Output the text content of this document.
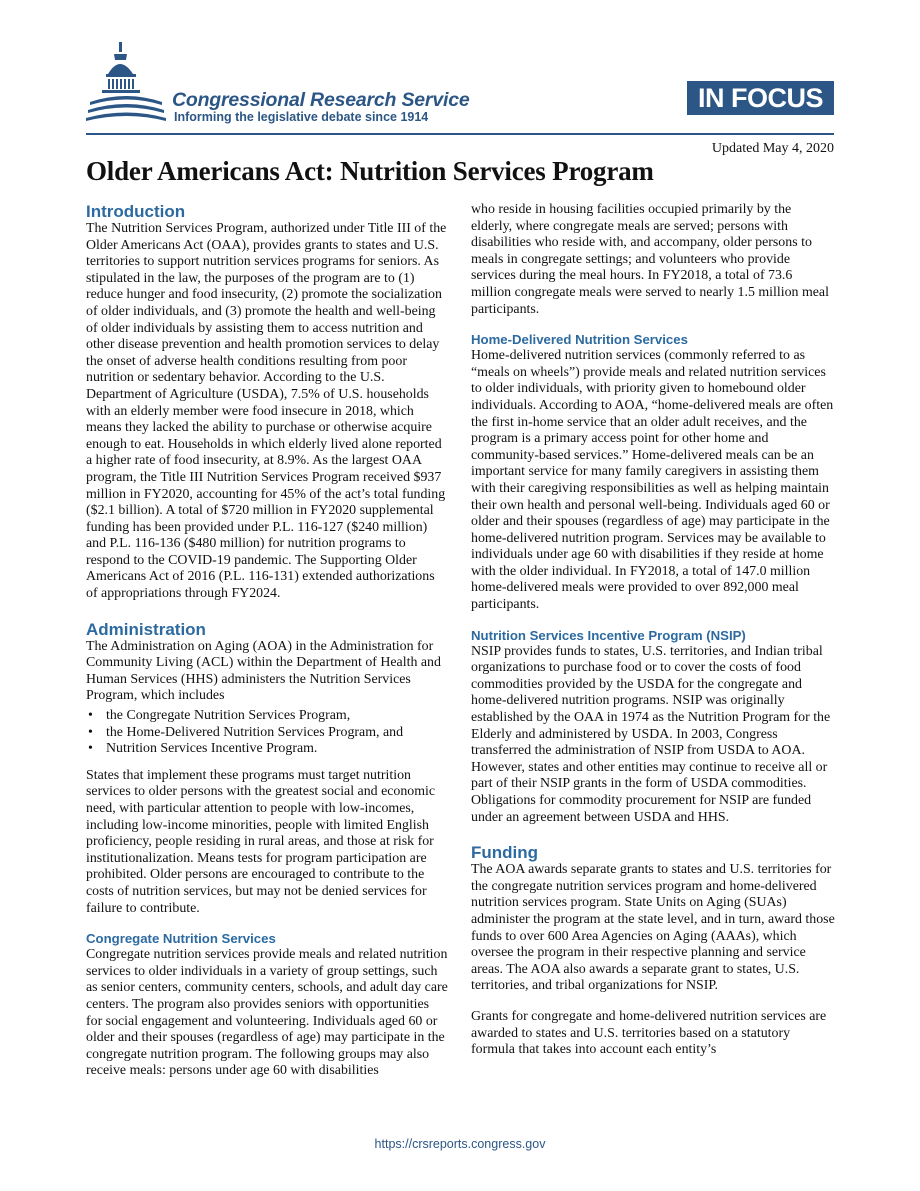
Congressional Research Service
Informing the legislative debate since 1914
IN FOCUS
Updated May 4, 2020
Older Americans Act: Nutrition Services Program
Introduction

The Nutrition Services Program, authorized under Title III of the Older Americans Act (OAA), provides grants to states and U.S. territories to support nutrition services programs for seniors. As stipulated in the law, the purposes of the program are to (1) reduce hunger and food insecurity, (2) promote the socialization of older individuals, and (3) promote the health and well-being of older individuals by assisting them to access nutrition and other disease prevention and health promotion services to delay the onset of adverse health conditions resulting from poor nutrition or sedentary behavior. According to the U.S. Department of Agriculture (USDA), 7.5% of U.S. households with an elderly member were food insecure in 2018, which means they lacked the ability to purchase or otherwise acquire enough to eat. Households in which elderly lived alone reported a higher rate of food insecurity, at 8.9%. As the largest OAA program, the Title III Nutrition Services Program received $937 million in FY2020, accounting for 45% of the act’s total funding ($2.1 billion). A total of $720 million in FY2020 supplemental funding has been provided under P.L. 116-127 ($240 million) and P.L. 116-136 ($480 million) for nutrition programs to respond to the COVID-19 pandemic. The Supporting Older Americans Act of 2016 (P.L. 116-131) extended authorizations of appropriations through FY2024.

Administration

The Administration on Aging (AOA) in the Administration for Community Living (ACL) within the Department of Health and Human Services (HHS) administers the Nutrition Services Program, which includes

• the Congregate Nutrition Services Program,
• the Home-Delivered Nutrition Services Program, and
• Nutrition Services Incentive Program.

States that implement these programs must target nutrition services to older persons with the greatest social and economic need, with particular attention to people with low-incomes, including low-income minorities, people with limited English proficiency, people residing in rural areas, and those at risk for institutionalization. Means tests for program participation are prohibited. Older persons are encouraged to contribute to the costs of nutrition services, but may not be denied services for failure to contribute.

Congregate Nutrition Services

Congregate nutrition services provide meals and related nutrition services to older individuals in a variety of group settings, such as senior centers, community centers, schools, and adult day care centers. The program also provides seniors with opportunities for social engagement and volunteering. Individuals aged 60 or older and their spouses (regardless of age) may participate in the congregate nutrition program. The following groups may also receive meals: persons under age 60 with disabilities

who reside in housing facilities occupied primarily by the elderly, where congregate meals are served; persons with disabilities who reside with, and accompany, older persons to meals in congregate settings; and volunteers who provide services during the meal hours. In FY2018, a total of 73.6 million congregate meals were served to nearly 1.5 million meal participants.

Home-Delivered Nutrition Services

Home-delivered nutrition services (commonly referred to as “meals on wheels”) provide meals and related nutrition services to older individuals, with priority given to homebound older individuals. According to AOA, “home-delivered meals are often the first in-home service that an older adult receives, and the program is a primary access point for other home and community-based services.” Home-delivered meals can be an important service for many family caregivers in assisting them with their caregiving responsibilities as well as helping maintain their own health and personal well-being. Individuals aged 60 or older and their spouses (regardless of age) may participate in the home-delivered nutrition program. Services may be available to individuals under age 60 with disabilities if they reside at home with the older individual. In FY2018, a total of 147.0 million home-delivered meals were provided to over 892,000 meal participants.

Nutrition Services Incentive Program (NSIP)

NSIP provides funds to states, U.S. territories, and Indian tribal organizations to purchase food or to cover the costs of food commodities provided by the USDA for the congregate and home-delivered nutrition programs. NSIP was originally established by the OAA in 1974 as the Nutrition Program for the Elderly and administered by USDA. In 2003, Congress transferred the administration of NSIP from USDA to AOA. However, states and other entities may continue to receive all or part of their NSIP grants in the form of USDA commodities. Obligations for commodity procurement for NSIP are funded under an agreement between USDA and HHS.

Funding

The AOA awards separate grants to states and U.S. territories for the congregate nutrition services program and home-delivered nutrition services program. State Units on Aging (SUAs) administer the program at the state level, and in turn, award those funds to over 600 Area Agencies on Aging (AAAs), which oversee the program in their respective planning and service areas. The AOA also awards a separate grant to states, U.S. territories, and tribal organizations for NSIP.

Grants for congregate and home-delivered nutrition services are awarded to states and U.S. territories based on a statutory formula that takes into account each entity’s

https://crsreports.congress.gov
